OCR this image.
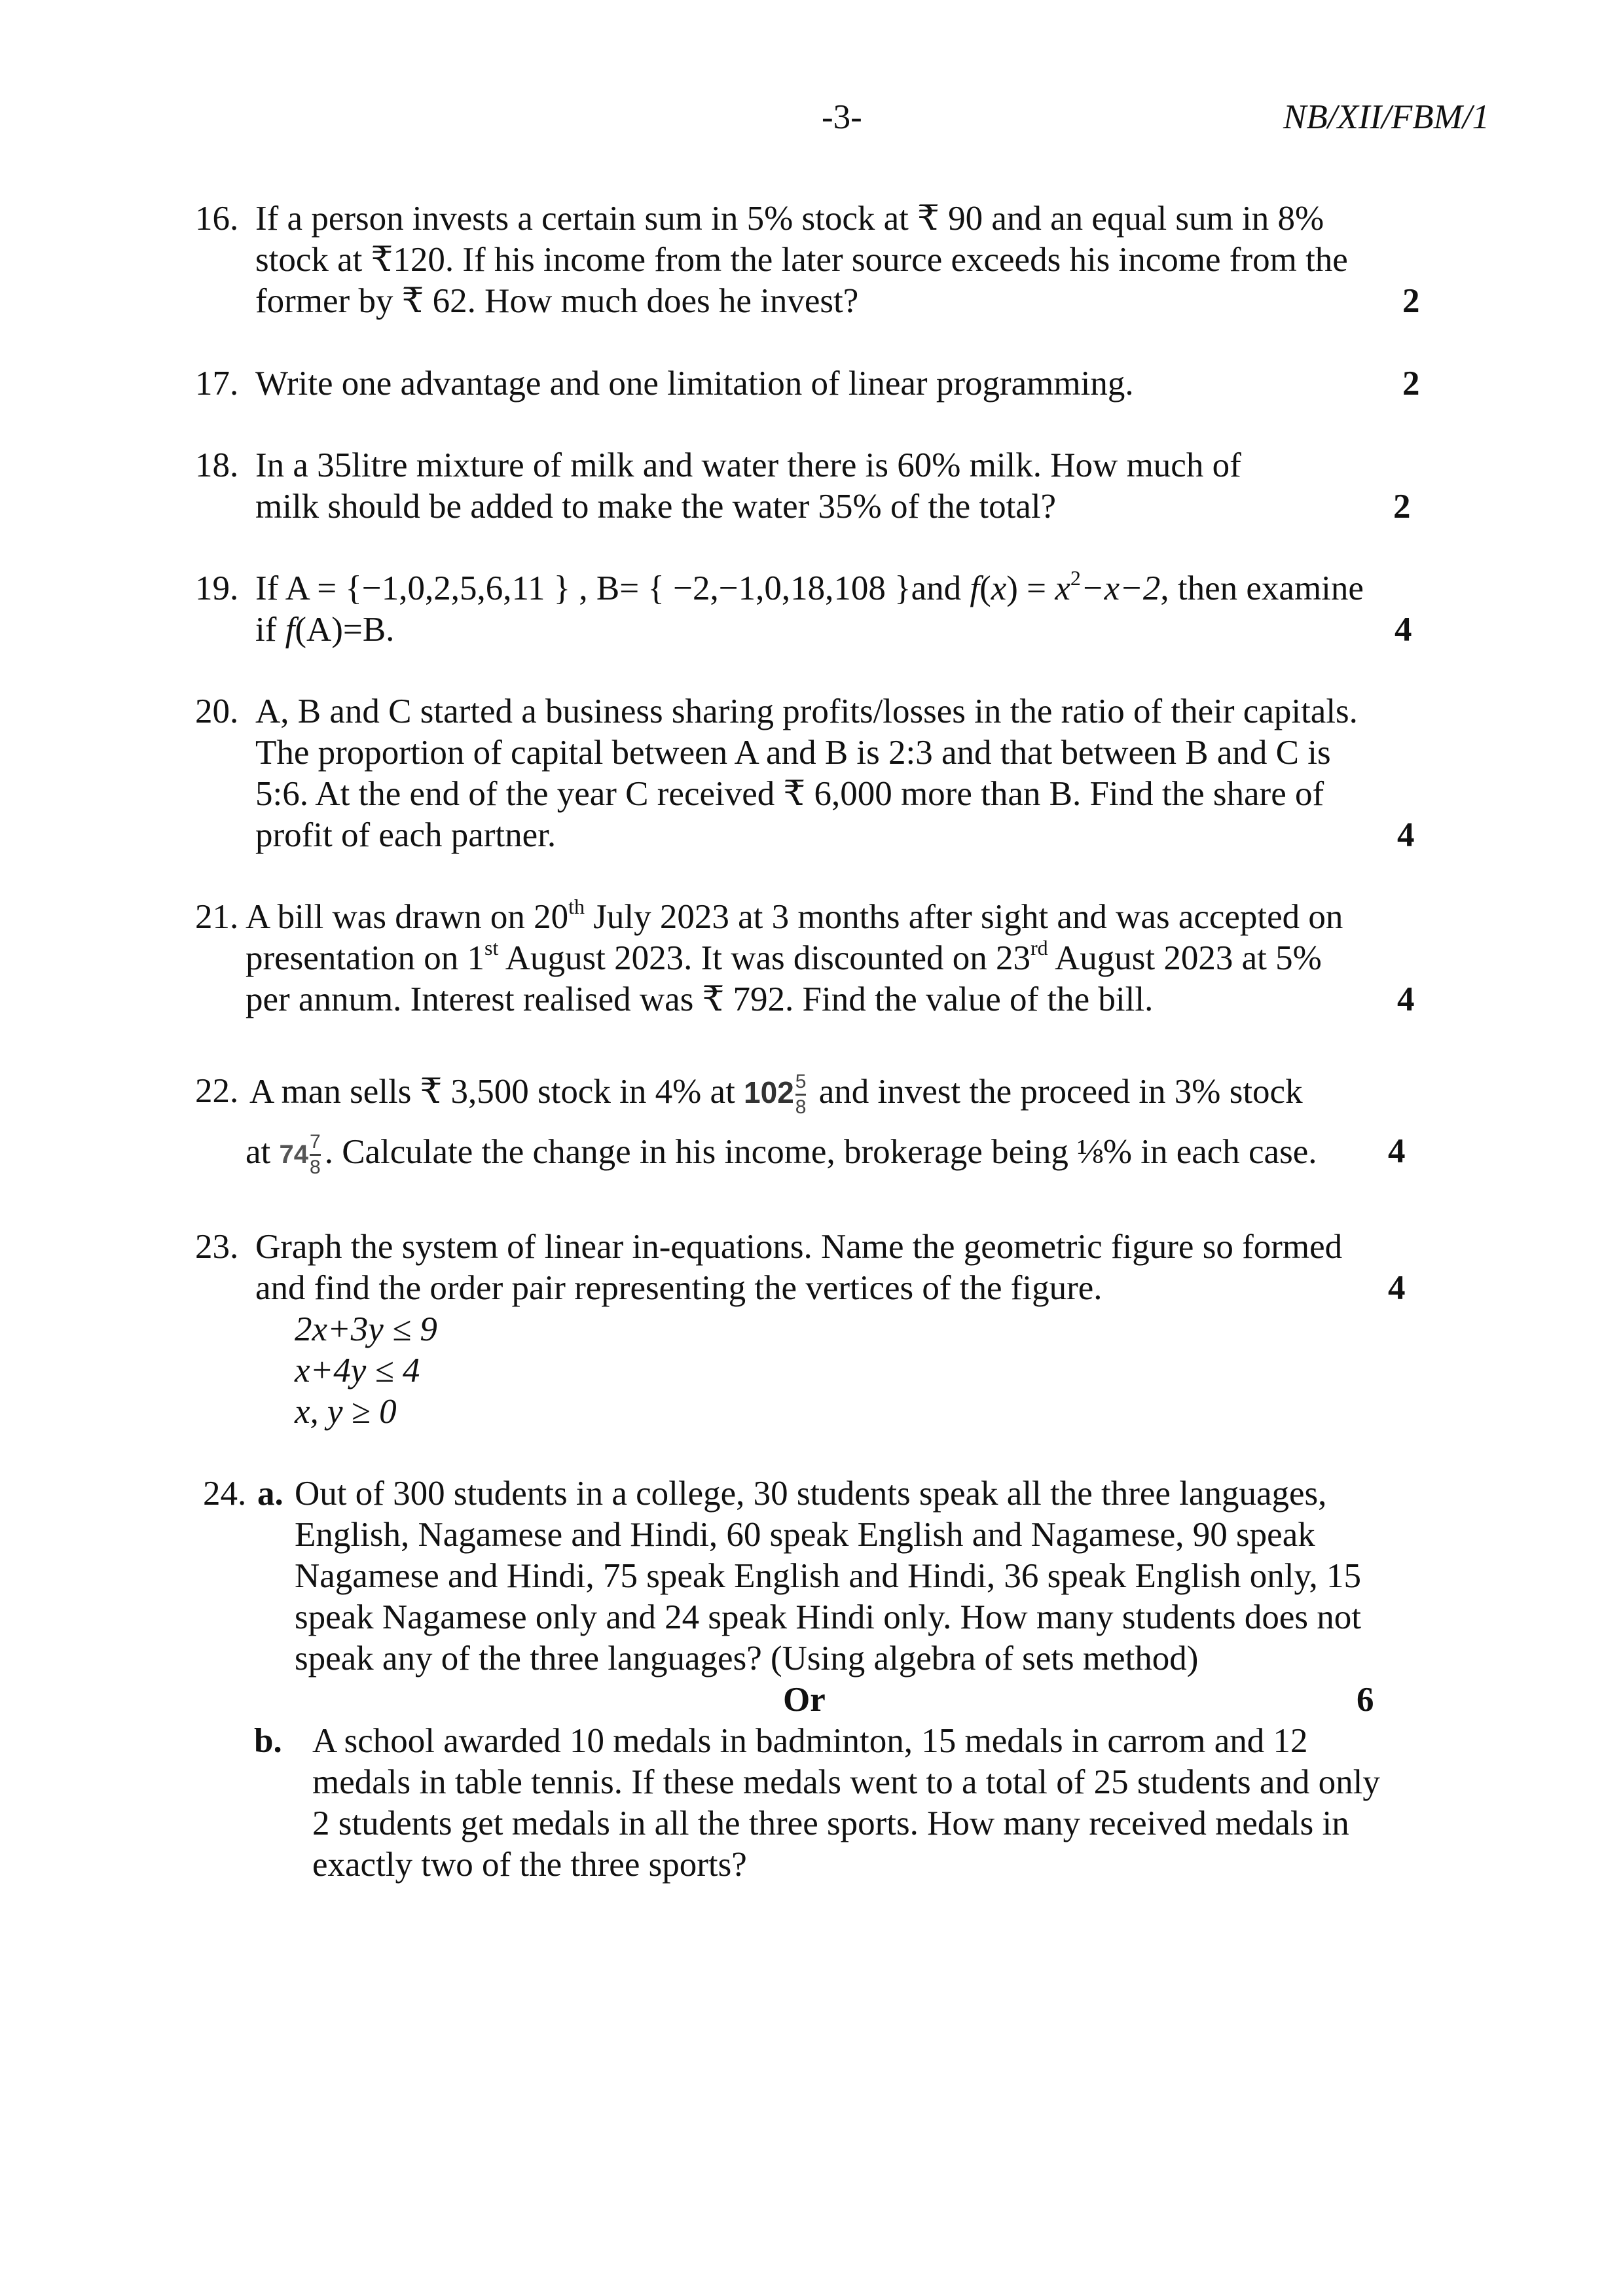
-3-	NB/XII/FBM/1
16. If a person invests a certain sum in 5% stock at ₹ 90 and an equal sum in 8%
stock at ₹120. If his income from the later source exceeds his income from the
former by ₹ 62. How much does he invest?	2
17. Write one advantage and one limitation of linear programming.	2
18. In a 35litre mixture of milk and water there is 60% milk. How much of
milk should be added to make the water 35% of the total?	2
19. If A = {−1,0,2,5,6,11 } , B= { −2,−1,0,18,108 }and $f(x) = x^2-x-2$, then examine
if f(A)=B.	4
20. A, B and C started a business sharing profits/losses in the ratio of their capitals.
The proportion of capital between A and B is 2:3 and that between B and C is
5:6. At the end of the year C received ₹ 6,000 more than B. Find the share of
profit of each partner.	4
21. A bill was drawn on 20th July 2023 at 3 months after sight and was accepted on
presentation on 1st August 2023. It was discounted on 23rd August 2023 at 5%
per annum. Interest realised was ₹ 792. Find the value of the bill.	4
22. A man sells ₹ 3,500 stock in 4% at $102 \frac{5}{8}$ and invest the proceed in 3% stock
at $74 \frac{7}{8}$ . Calculate the change in his income, brokerage being ⅛% in each case. 4
23. Graph the system of linear in-equations. Name the geometric figure so formed
and find the order pair representing the vertices of the figure.	4
2x+3y ≤ 9
x+4y ≤ 4
x, y ≥ 0
24. a. Out of 300 students in a college, 30 students speak all the three languages,
English, Nagamese and Hindi, 60 speak English and Nagamese, 90 speak
Nagamese and Hindi, 75 speak English and Hindi, 36 speak English only, 15
speak Nagamese only and 24 speak Hindi only. How many students does not
speak any of the three languages? (Using algebra of sets method)
Or	6
b. A school awarded 10 medals in badminton, 15 medals in carrom and 12
medals in table tennis. If these medals went to a total of 25 students and only
2 students get medals in all the three sports. How many received medals in
exactly two of the three sports?
